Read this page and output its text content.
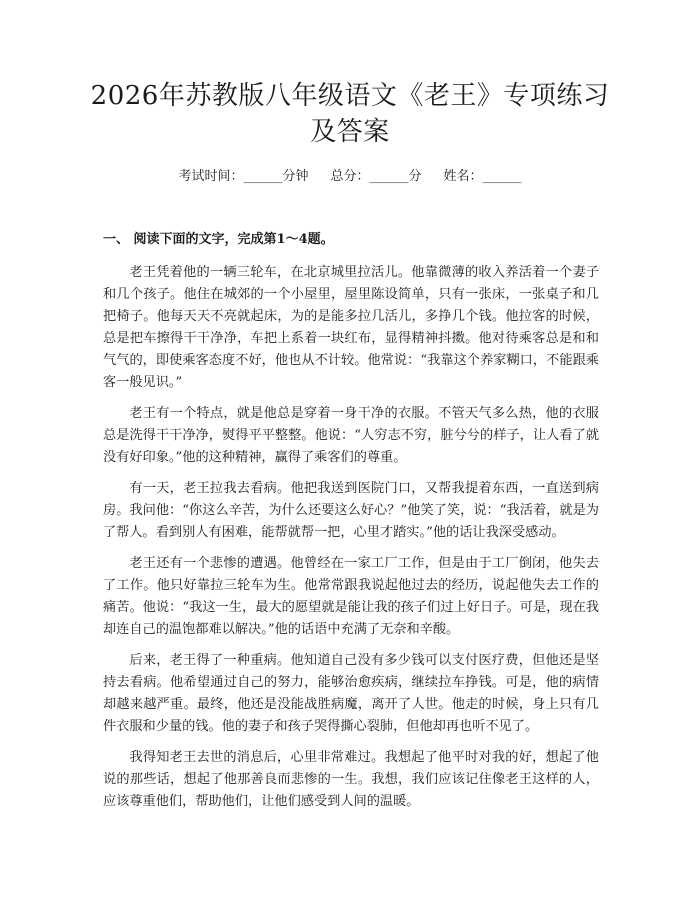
2026年苏教版八年级语文《老王》专项练习及答案
考试时间：______分钟 总分：______分 姓名：______
一、 阅读下面的文字，完成第1～4题。

老王凭着他的一辆三轮车，在北京城里拉活儿。他靠微薄的收入养活着一个妻子和几个孩子。他住在城郊的一个小屋里，屋里陈设简单，只有一张床，一张桌子和几把椅子。他每天天不亮就起床，为的是能多拉几活儿，多挣几个钱。他拉客的时候，总是把车擦得干干净净，车把上系着一块红布，显得精神抖擞。他对待乘客总是和和气气的，即使乘客态度不好，他也从不计较。他常说：“我靠这个养家糊口，不能跟乘客一般见识。”

老王有一个特点，就是他总是穿着一身干净的衣服。不管天气多么热，他的衣服总是洗得干干净净，熨得平平整整。他说：“人穷志不穷，脏兮兮的样子，让人看了就没有好印象。”他的这种精神，赢得了乘客们的尊重。

有一天，老王拉我去看病。他把我送到医院门口，又帮我提着东西，一直送到病房。我问他：“你这么辛苦，为什么还要这么好心？”他笑了笑，说：“我活着，就是为了帮人。看到别人有困难，能帮就帮一把，心里才踏实。”他的话让我深受感动。

老王还有一个悲惨的遭遇。他曾经在一家工厂工作，但是由于工厂倒闭，他失去了工作。他只好靠拉三轮车为生。他常常跟我说起他过去的经历，说起他失去工作的痛苦。他说：“我这一生，最大的愿望就是能让我的孩子们过上好日子。可是，现在我却连自己的温饱都难以解决。”他的话语中充满了无奈和辛酸。

后来，老王得了一种重病。他知道自己没有多少钱可以支付医疗费，但他还是坚持去看病。他希望通过自己的努力，能够治愈疾病，继续拉车挣钱。可是，他的病情却越来越严重。最终，他还是没能战胜病魔，离开了人世。他走的时候，身上只有几件衣服和少量的钱。他的妻子和孩子哭得撕心裂肺，但他却再也听不见了。

我得知老王去世的消息后，心里非常难过。我想起了他平时对我的好，想起了他说的那些话，想起了他那善良而悲惨的一生。我想，我们应该记住像老王这样的人，应该尊重他们，帮助他们，让他们感受到人间的温暖。
